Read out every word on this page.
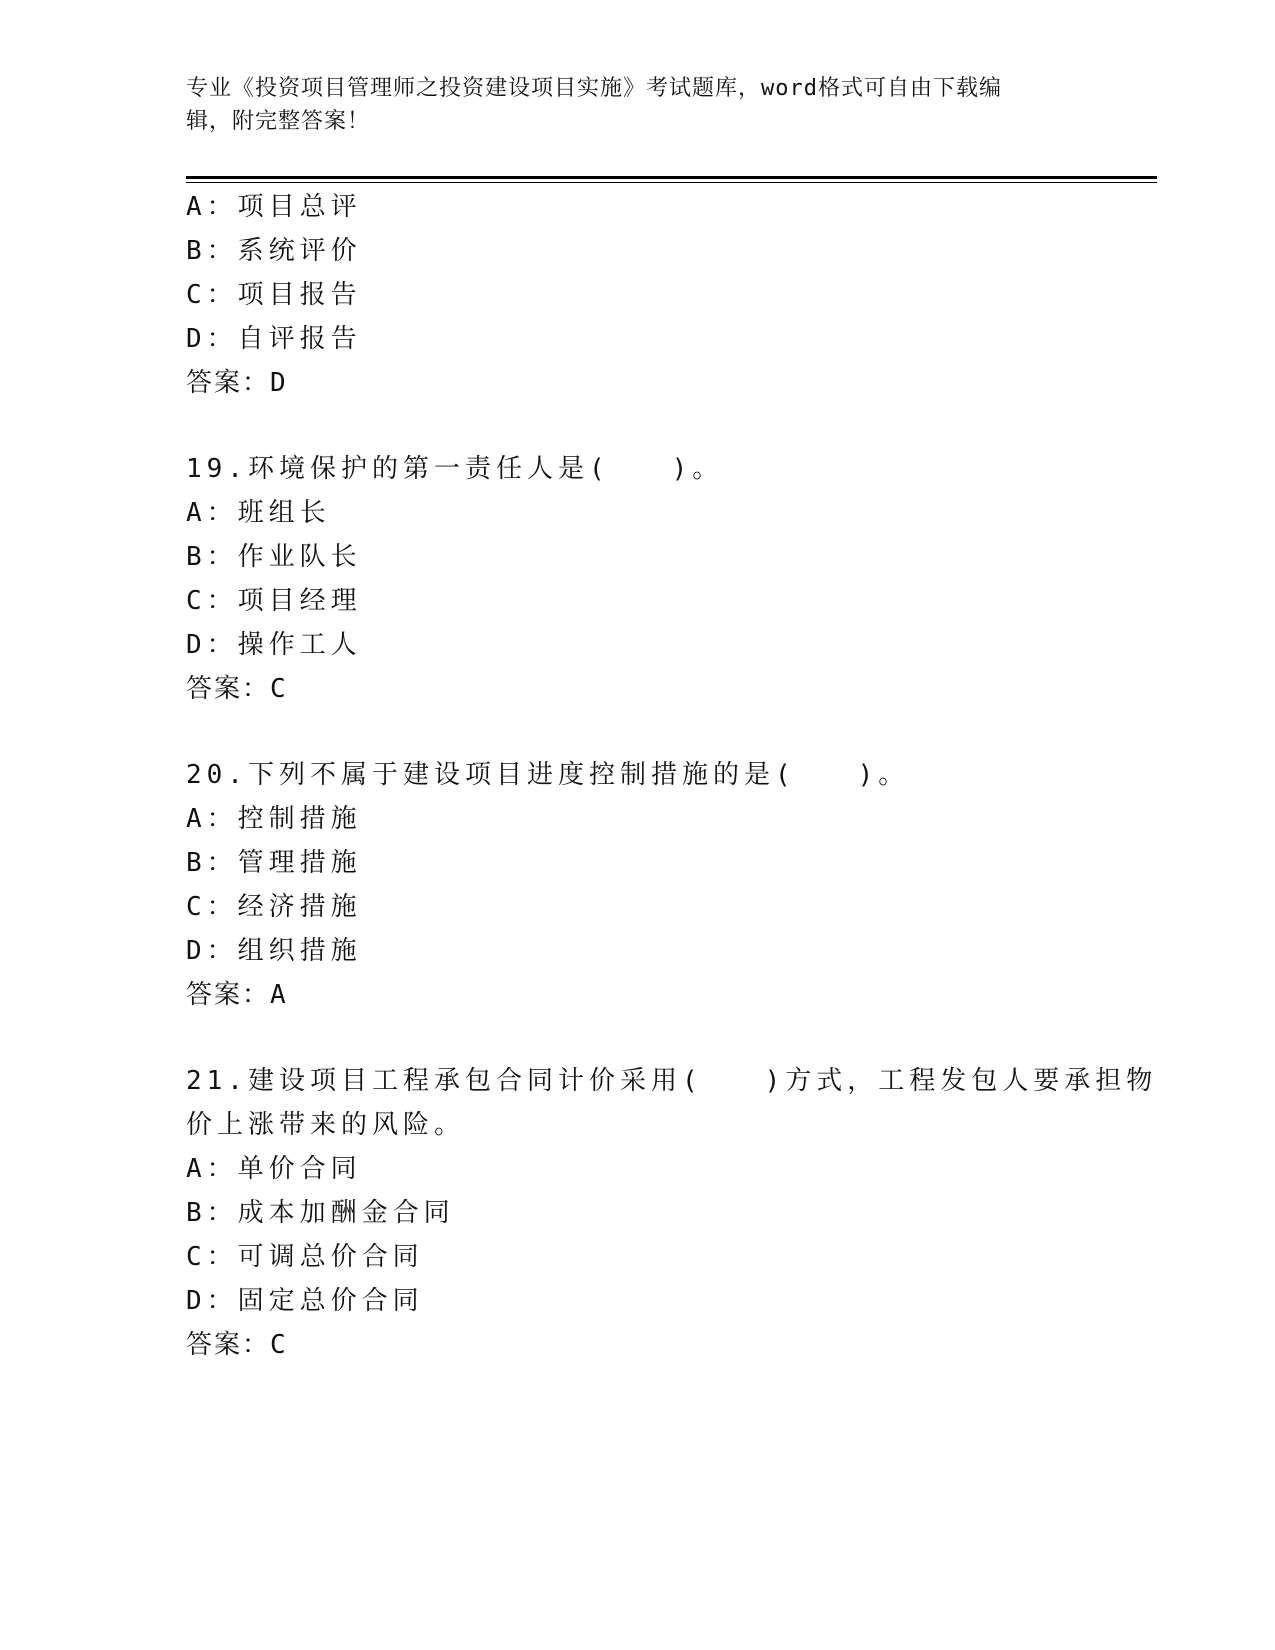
专业《投资项目管理师之投资建设项目实施》考试题库，word格式可自由下载编
辑，附完整答案！
A：项目总评
B：系统评价
C：项目报告
D：自评报告
答案：D
19.环境保护的第一责任人是(　　)。
A：班组长
B：作业队长
C：项目经理
D：操作工人
答案：C
20.下列不属于建设项目进度控制措施的是(　　)。
A：控制措施
B：管理措施
C：经济措施
D：组织措施
答案：A
21.建设项目工程承包合同计价采用(　　)方式，工程发包人要承担物
价上涨带来的风险。
A：单价合同
B：成本加酬金合同
C：可调总价合同
D：固定总价合同
答案：C
